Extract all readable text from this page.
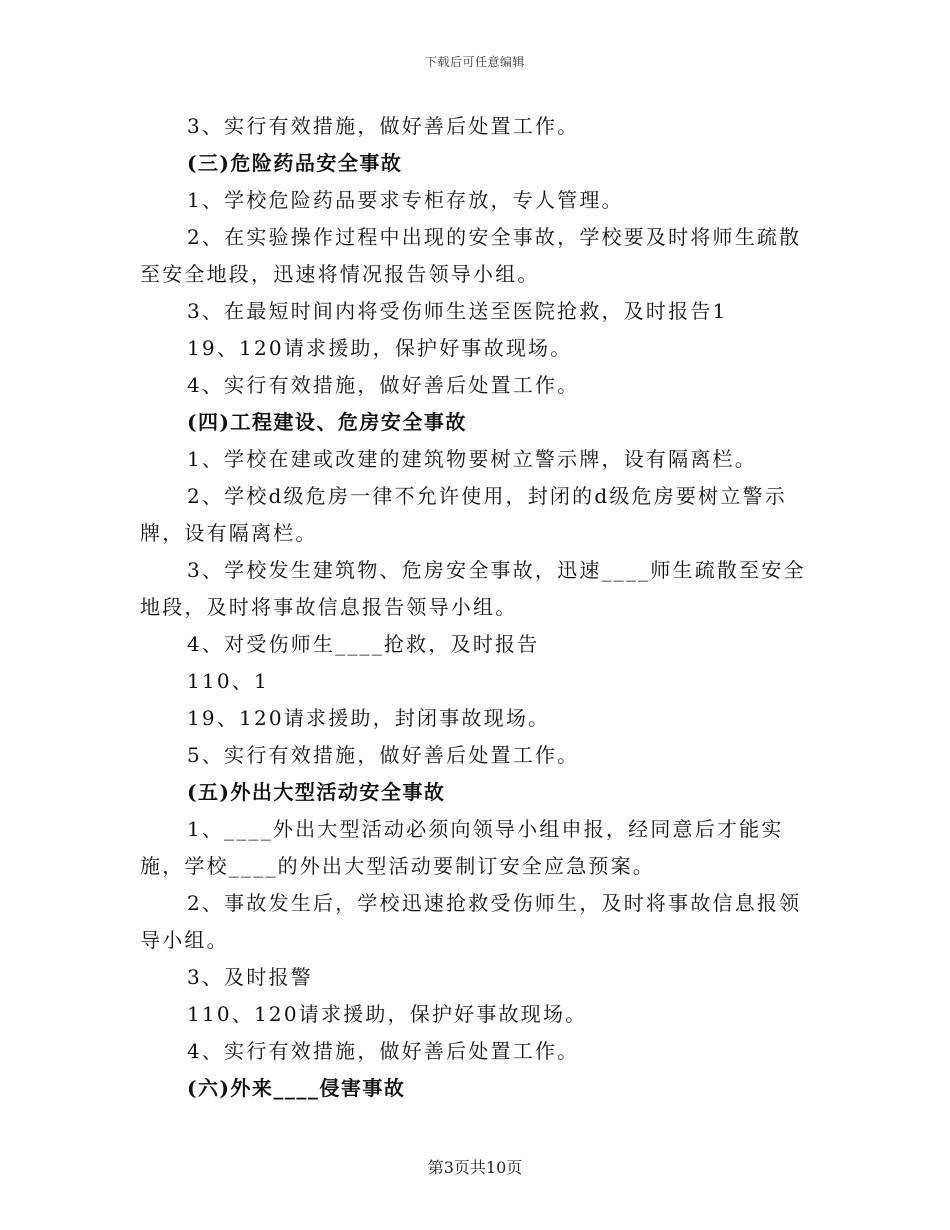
下载后可任意编辑

3、实行有效措施，做好善后处置工作。

(三)危险药品安全事故

1、学校危险药品要求专柜存放，专人管理。

2、在实验操作过程中出现的安全事故，学校要及时将师生疏散至安全地段，迅速将情况报告领导小组。

3、在最短时间内将受伤师生送至医院抢救，及时报告1

19、120请求援助，保护好事故现场。

4、实行有效措施，做好善后处置工作。

(四)工程建设、危房安全事故

1、学校在建或改建的建筑物要树立警示牌，设有隔离栏。

2、学校d级危房一律不允许使用，封闭的d级危房要树立警示牌，设有隔离栏。

3、学校发生建筑物、危房安全事故，迅速____师生疏散至安全地段，及时将事故信息报告领导小组。

4、对受伤师生____抢救，及时报告

110、1

19、120请求援助，封闭事故现场。

5、实行有效措施，做好善后处置工作。

(五)外出大型活动安全事故

1、____外出大型活动必须向领导小组申报，经同意后才能实施，学校____的外出大型活动要制订安全应急预案。

2、事故发生后，学校迅速抢救受伤师生，及时将事故信息报领导小组。

3、及时报警

110、120请求援助，保护好事故现场。

4、实行有效措施，做好善后处置工作。

(六)外来____侵害事故

第3页共10页
